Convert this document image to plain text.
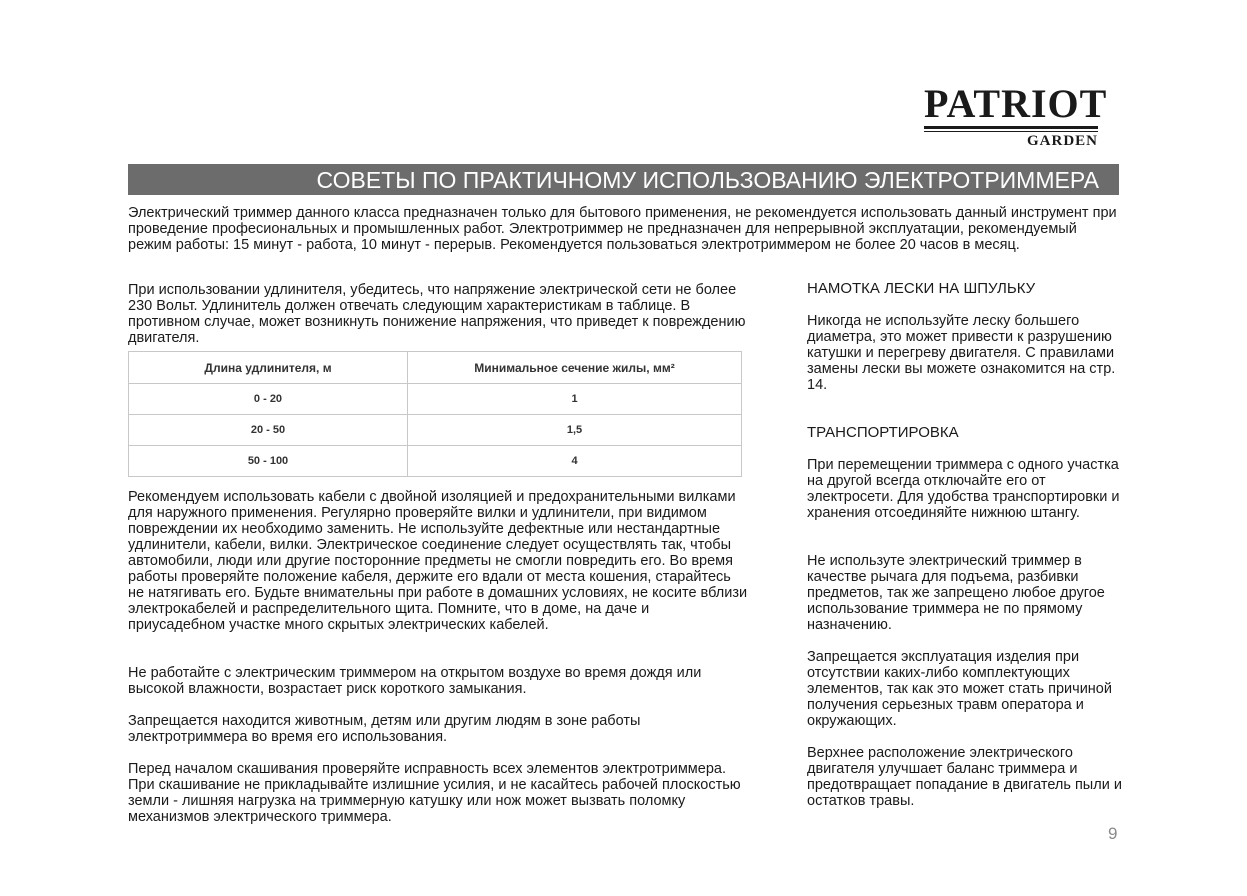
PATRIOT
GARDEN
СОВЕТЫ ПО ПРАКТИЧНОМУ ИСПОЛЬЗОВАНИЮ ЭЛЕКТРОТРИММЕРА

Электрический триммер данного класса предназначен только для бытового применения, не рекомендуется использовать данный инструмент при проведение професиональных и промышленных работ. Электротриммер не предназначен для непрерывной эксплуатации, рекомендуемый режим работы: 15 минут - работа, 10 минут - перерыв. Рекомендуется пользоваться электротриммером не более 20 часов в месяц.

При использовании удлинителя, убедитесь, что напряжение электрической сети не более 230 Вольт. Удлинитель должен отвечать следующим характеристикам в таблице. В противном случае, может возникнуть понижение напряжения, что приведет к повреждению двигателя.

Длина удлинителя, м	Минимальное сечение жилы, мм²
0 - 20	1
20 - 50	1,5
50 - 100	4

Рекомендуем использовать кабели с двойной изоляцией и предохранительными вилками для наружного применения. Регулярно проверяйте вилки и удлинители, при видимом повреждении их необходимо заменить. Не используйте дефектные или нестандартные удлинители, кабели, вилки. Электрическое соединение следует осуществлять так, чтобы автомобили, люди или другие посторонние предметы не смогли повредить его. Во время работы проверяйте положение кабеля, держите его вдали от места кошения, старайтесь не натягивать его. Будьте внимательны при работе в домашних условиях, не косите вблизи электрокабелей и распределительного щита. Помните, что в доме, на даче и приусадебном участке много скрытых электрических кабелей.

Не работайте с электрическим триммером на открытом воздухе во время дождя или высокой влажности, возрастает риск короткого замыкания.

Запрещается находится животным, детям или другим людям в зоне работы электротриммера во время его использования.

Перед началом скашивания проверяйте исправность всех элементов электротриммера. При скашивание не прикладывайте излишние усилия, и не касайтесь рабочей плоскостью земли - лишняя нагрузка на триммерную катушку или нож может вызвать поломку механизмов электрического триммера.

НАМОТКА ЛЕСКИ НА ШПУЛЬКУ

Никогда не используйте леску большего диаметра, это может привести к разрушению катушки и перегреву двигателя. С правилами замены лески вы можете ознакомится на стр. 14.

ТРАНСПОРТИРОВКА

При перемещении триммера с одного участка на другой всегда отключайте его от электросети. Для удобства транспортировки и хранения отсоединяйте нижнюю штангу.

Не используте электрический триммер в качестве рычага для подъема, разбивки предметов, так же запрещено любое другое использование триммера не по прямому назначению.

Запрещается эксплуатация изделия при отсутствии каких-либо комплектующих элементов, так как это может стать причиной получения серьезных травм оператора и окружающих.

Верхнее расположение электрического двигателя улучшает баланс триммера и предотвращает попадание в двигатель пыли и остатков травы.

9
